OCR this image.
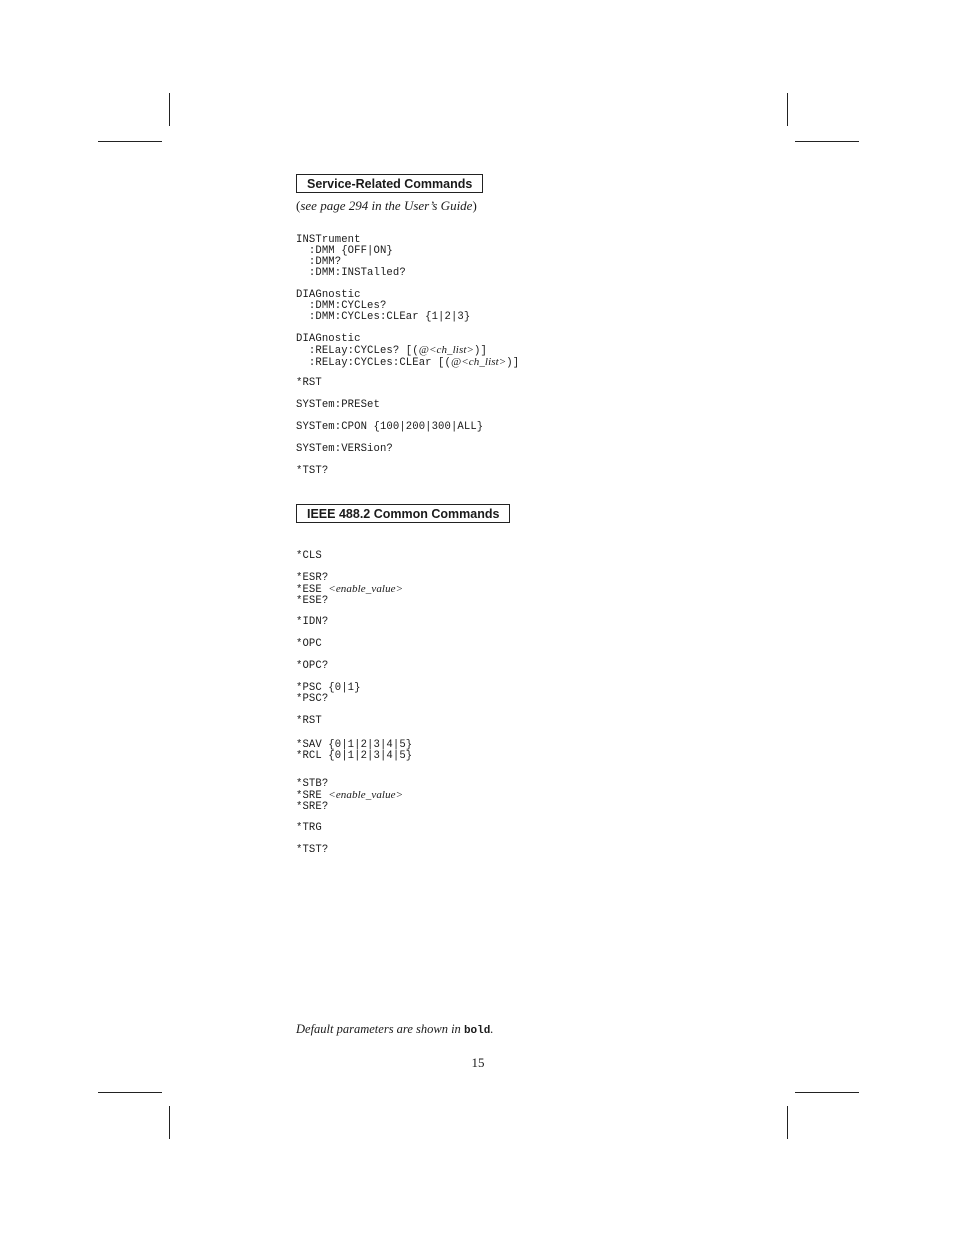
Service-Related Commands
(see page 294 in the User’s Guide)
INSTrument
:DMM {OFF|ON}
:DMM?
:DMM:INSTalled?
DIAGnostic
:DMM:CYCLes?
:DMM:CYCLes:CLEar {1|2|3}
DIAGnostic
:RELay:CYCLes? [(@<ch_list>)]
:RELay:CYCLes:CLEar [(@<ch_list>)]
*RST
SYSTem:PRESet
SYSTem:CPON {100|200|300|ALL}
SYSTem:VERSion?
*TST?
IEEE 488.2 Common Commands
*CLS
*ESR?
*ESE <enable_value>
*ESE?
*IDN?
*OPC
*OPC?
*PSC {0|1}
*PSC?
*RST
*SAV {0|1|2|3|4|5}
*RCL {0|1|2|3|4|5}
*STB?
*SRE <enable_value>
*SRE?
*TRG
*TST?
Default parameters are shown in bold.
15
